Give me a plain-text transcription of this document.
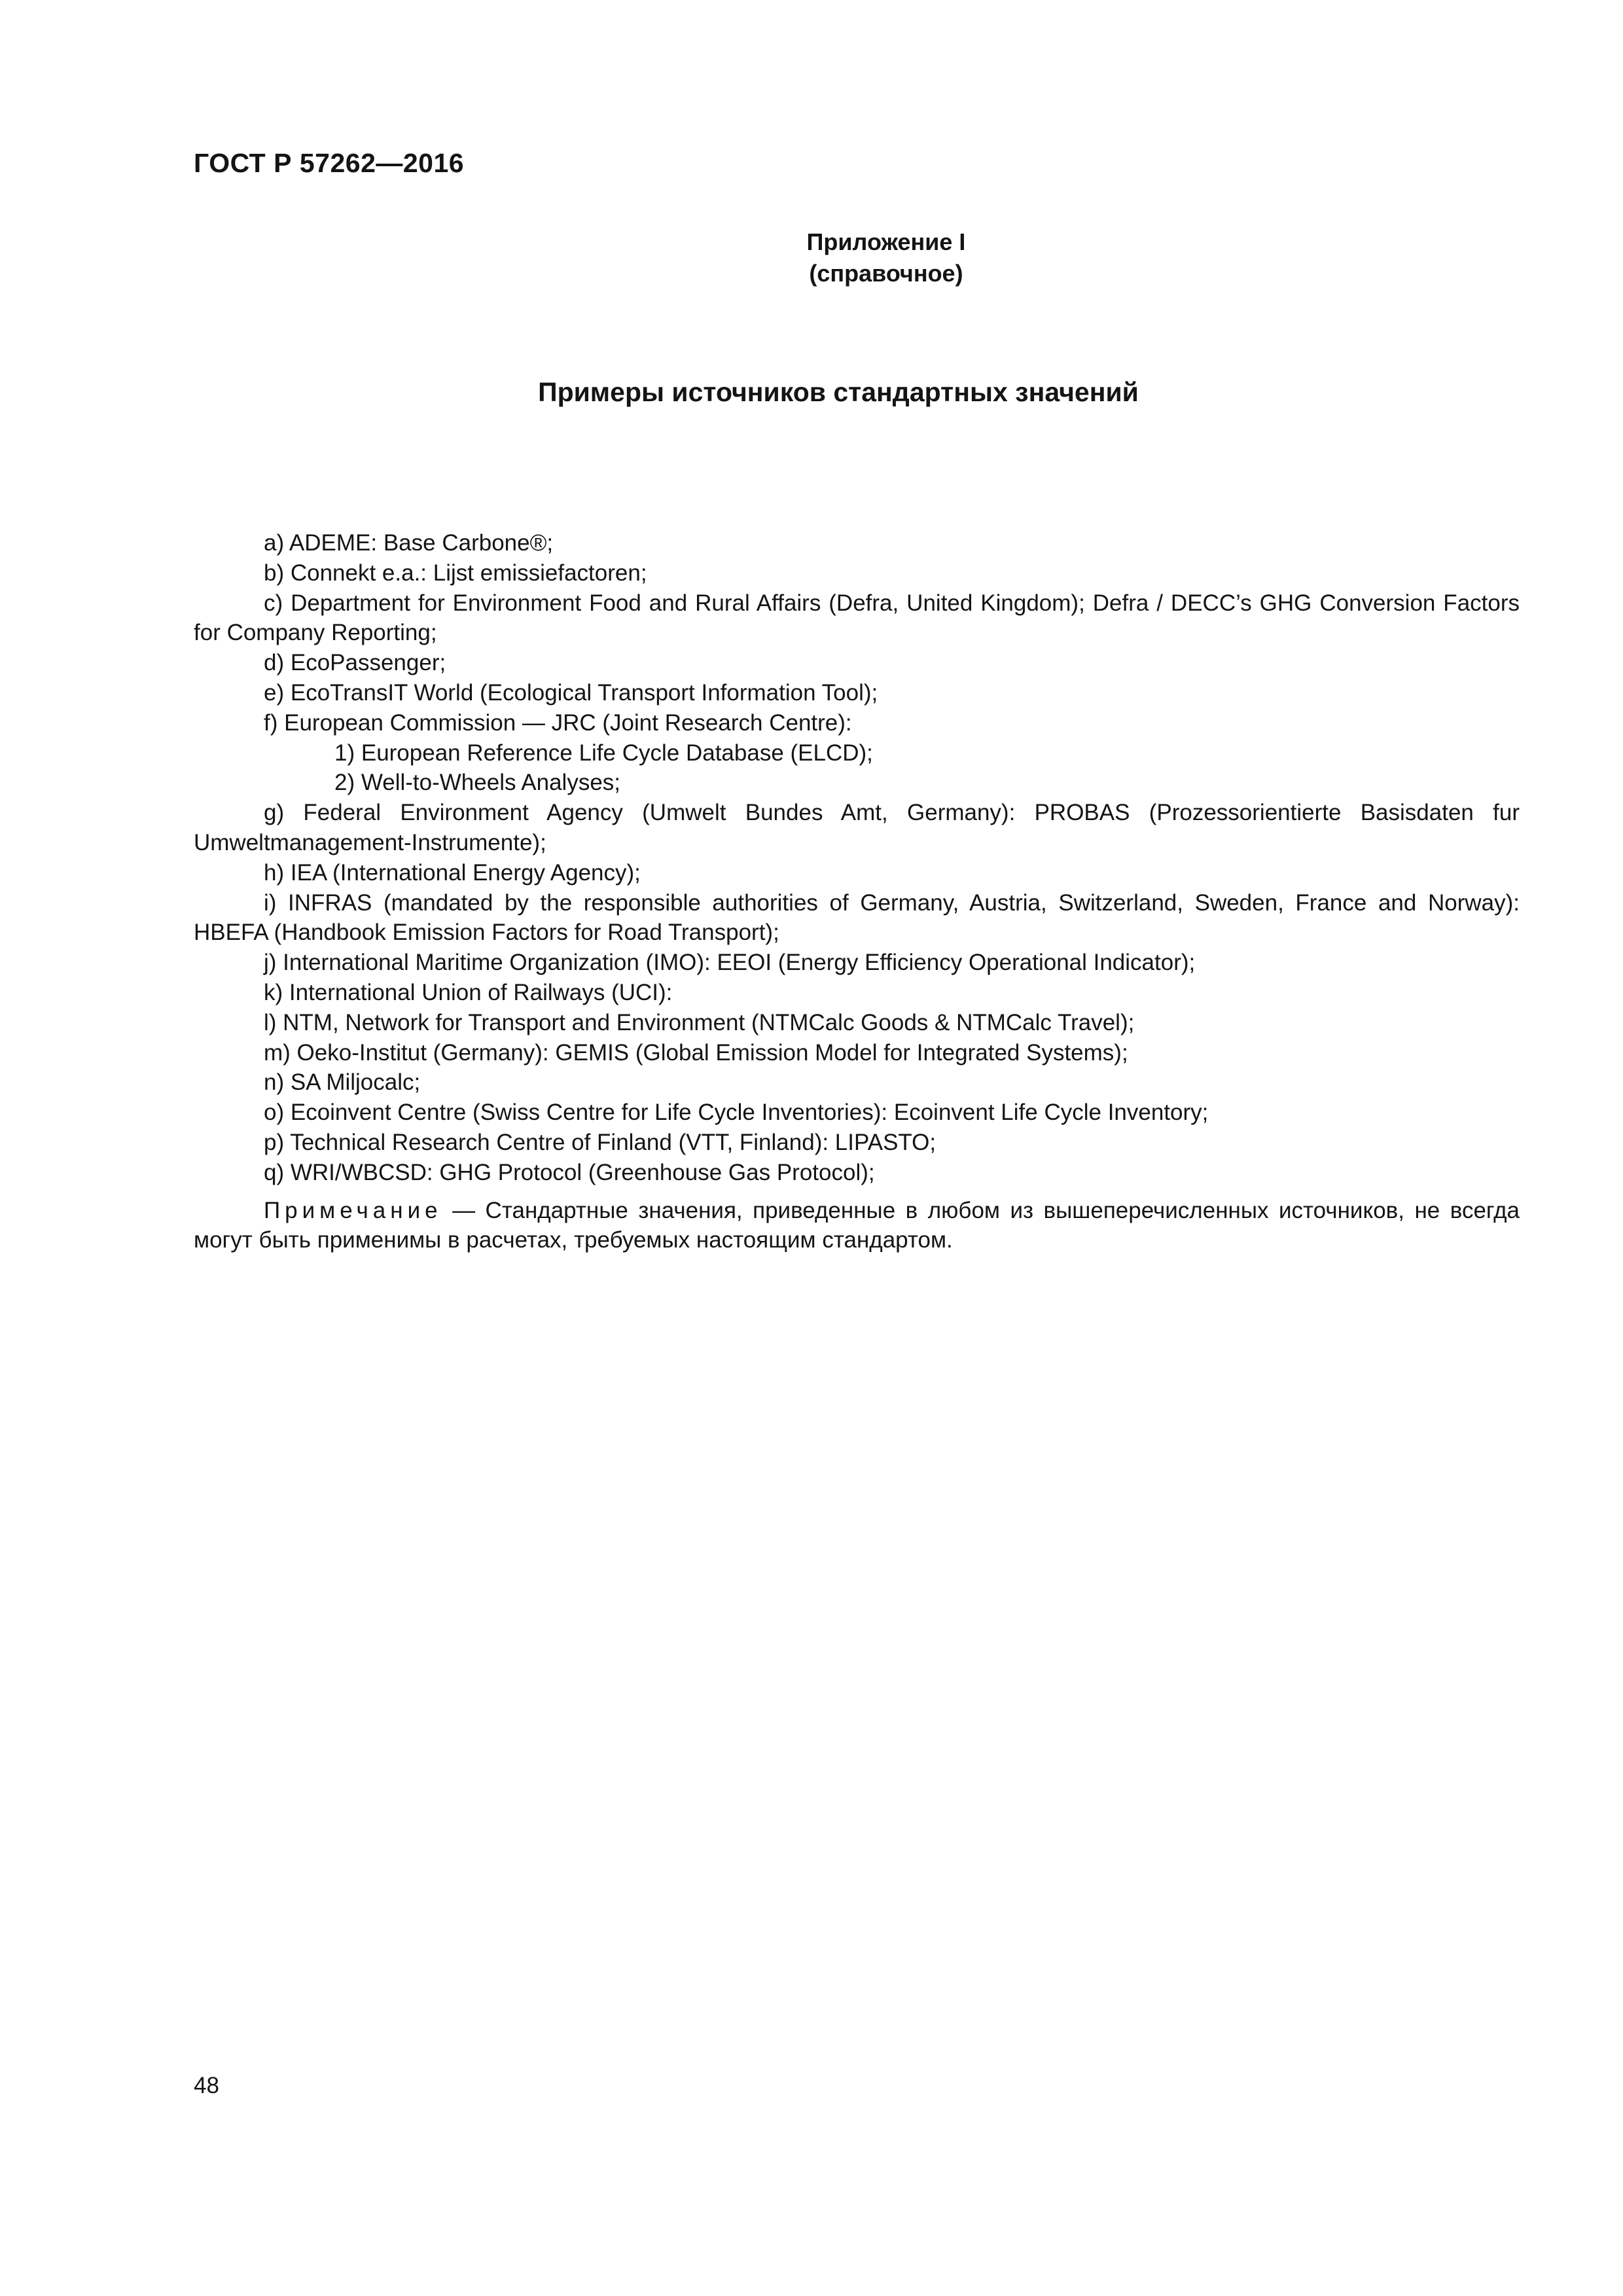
ГОСТ Р 57262—2016
Приложение I
(справочное)
Примеры источников стандартных значений

a) ADEME: Base Carbone®;

b) Connekt e.a.: Lijst emissiefactoren;

c) Department for Environment Food and Rural Affairs (Defra, United Kingdom); Defra / DECC’s GHG Conversion Factors for Company Reporting;

d) EcoPassenger;

e) EcoTransIT World (Ecological Transport Information Tool);

f) European Commission — JRC (Joint Research Centre):

1) European Reference Life Cycle Database (ELCD);

2) Well-to-Wheels Analyses;

g) Federal Environment Agency (Umwelt Bundes Amt, Germany): PROBAS (Prozessorientierte Basisdaten fur Umweltmanagement-Instrumente);

h) IEA (International Energy Agency);

i) INFRAS (mandated by the responsible authorities of Germany, Austria, Switzerland, Sweden, France and Norway): HBEFA (Handbook Emission Factors for Road Transport);

j) International Maritime Organization (IMO): EEOI (Energy Efficiency Operational Indicator);

k) International Union of Railways (UCI):

l) NTM, Network for Transport and Environment (NTMCalc Goods & NTMCalc Travel);

m) Oeko-Institut (Germany): GEMIS (Global Emission Model for Integrated Systems);

n) SA Miljocalc;

o) Ecoinvent Centre (Swiss Centre for Life Cycle Inventories): Ecoinvent Life Cycle Inventory;

p) Technical Research Centre of Finland (VTT, Finland): LIPASTO;

q) WRI/WBCSD: GHG Protocol (Greenhouse Gas Protocol);

Примечание — Стандартные значения, приведенные в любом из вышеперечисленных источников, не всегда могут быть применимы в расчетах, требуемых настоящим стандартом.

48
